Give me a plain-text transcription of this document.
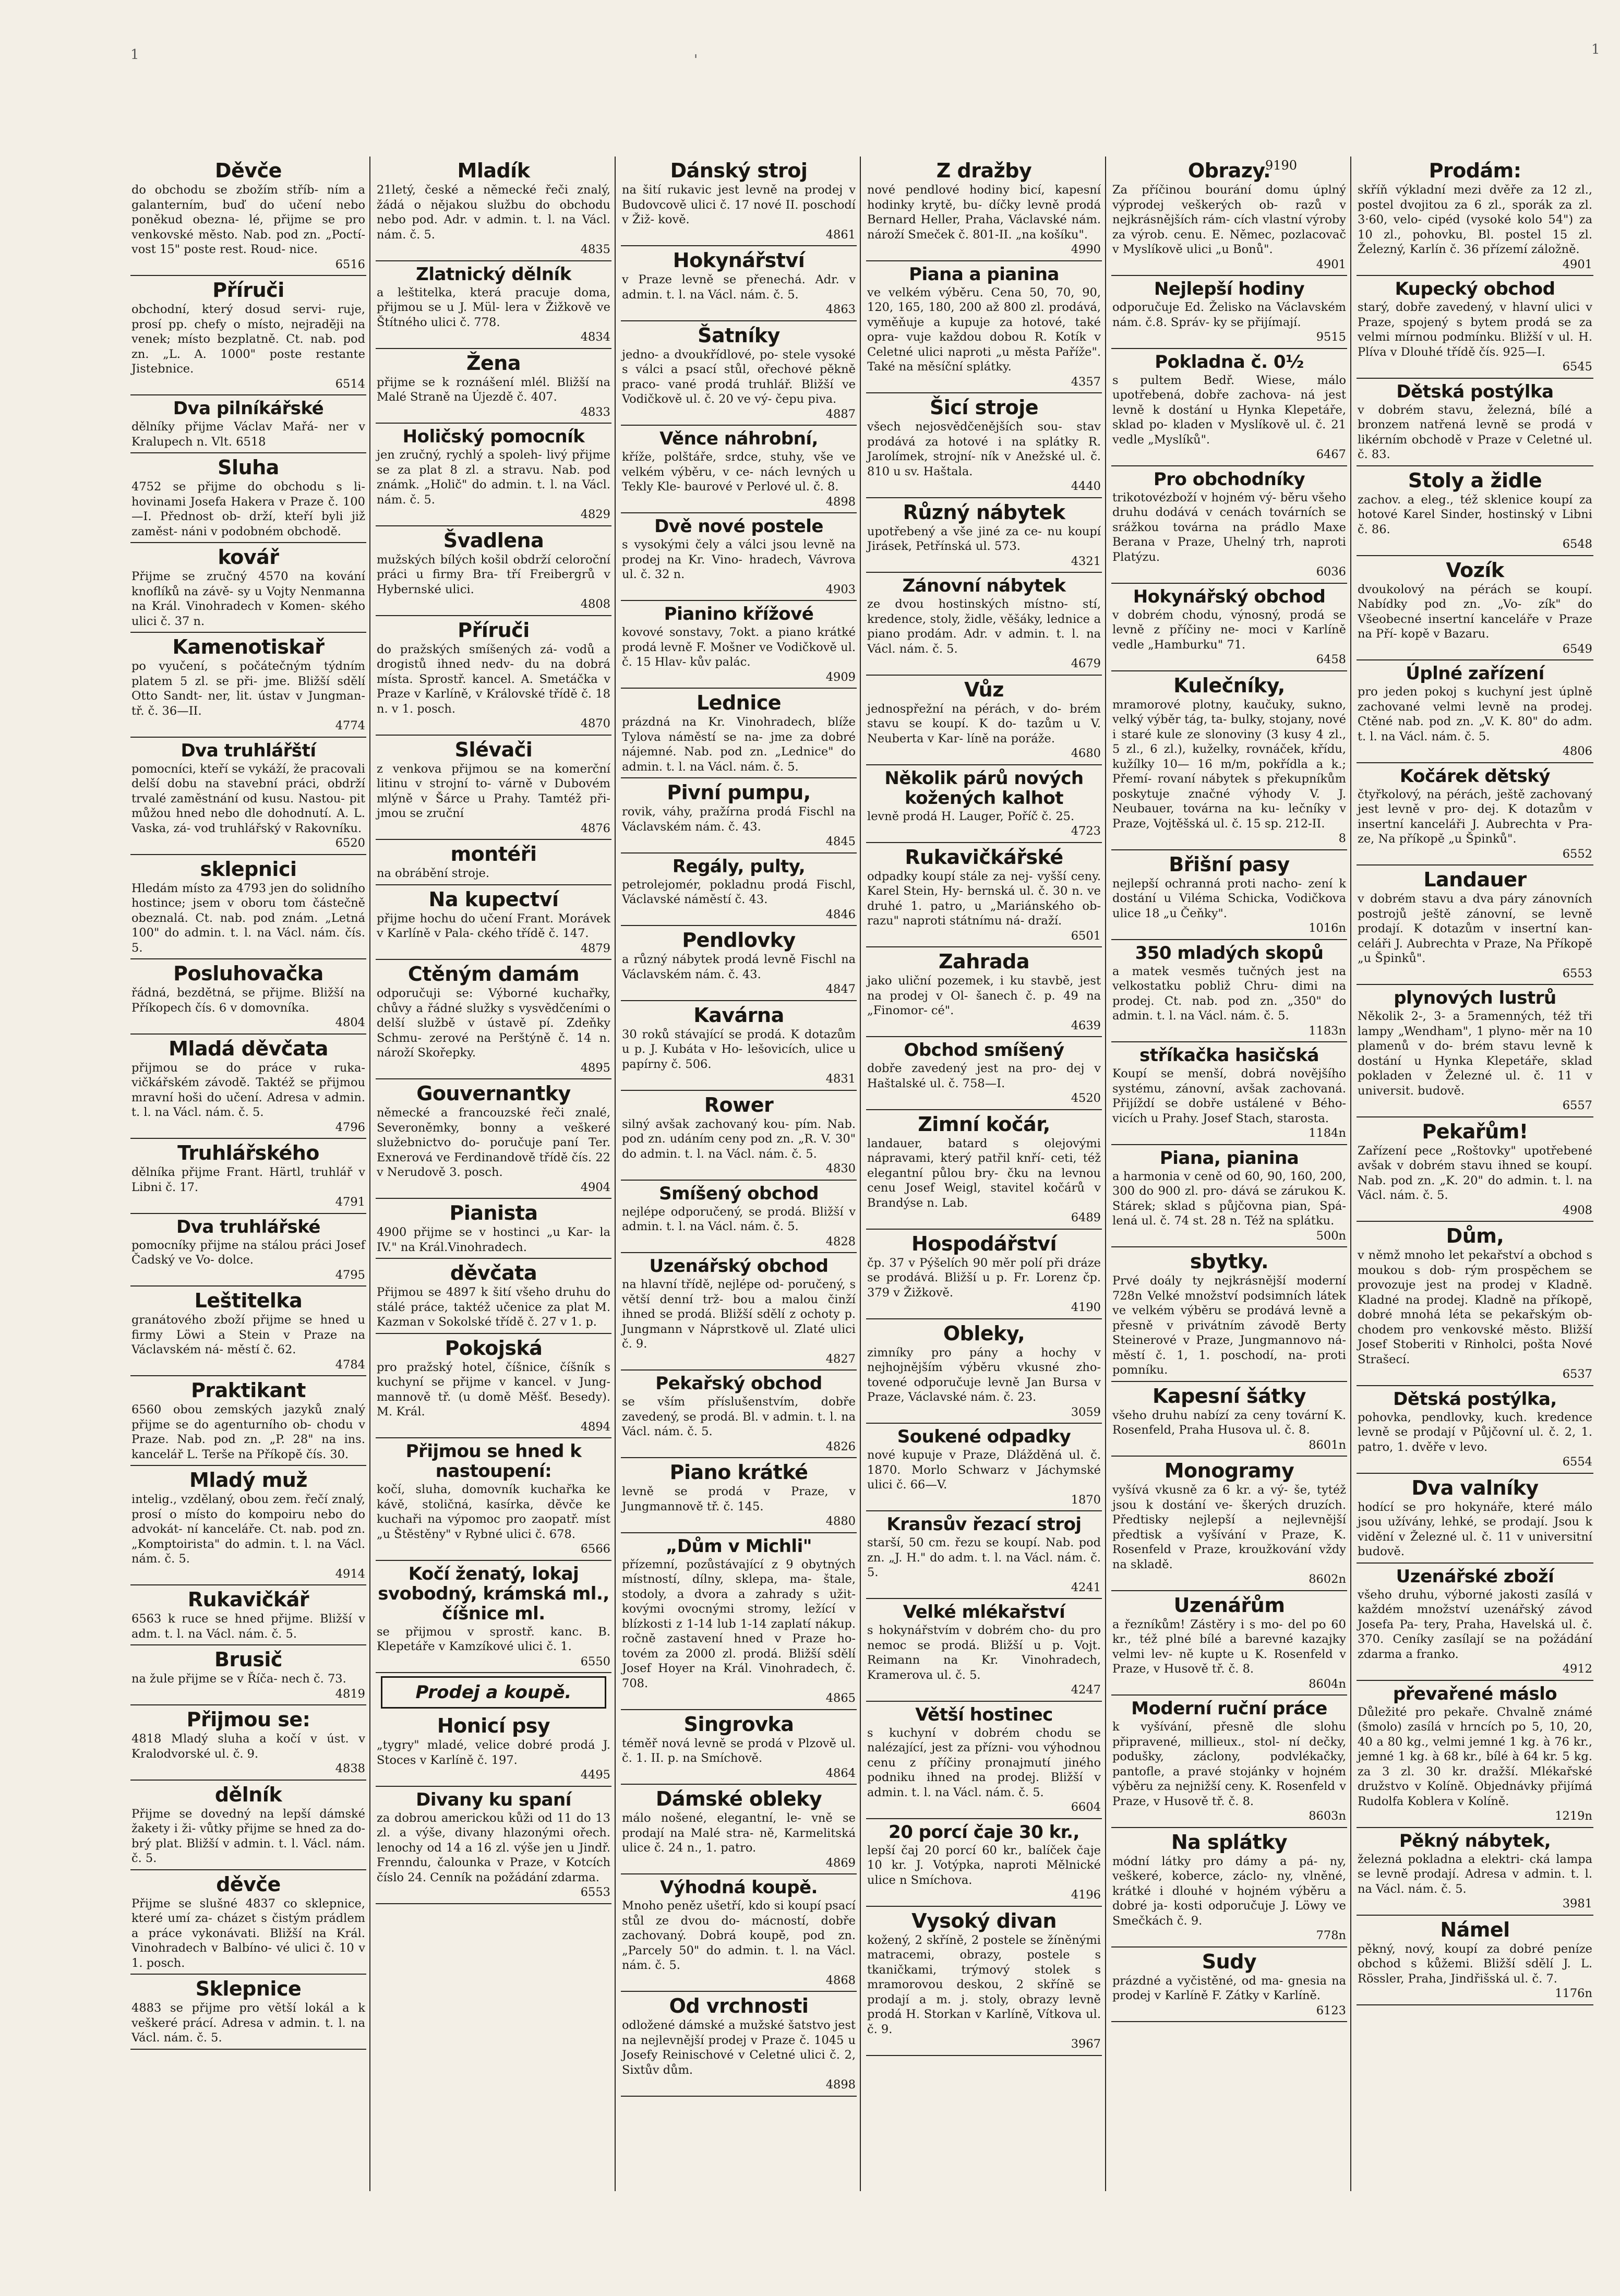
1	'
1
9190
Děvče

do obchodu se zbožím stříb- ním a galanterním, buď do učení nebo poněkud obezna- lé, přijme se pro venkovské město. Nab. pod zn. „Poctí- vost 15" poste rest. Roud- nice.

6516
Příruči

obchodní, který dosud servi- ruje, prosí pp. chefy o místo, nejraději na venek; místo bezplatně. Ct. nab. pod zn. „L. A. 1000" poste restante Jistebnice.

6514
Dva pilníkářské

dělníky přijme Václav Mařá- ner v Kralupech n. Vlt. 6518

Sluha

4752 se přijme do obchodu s li- hovinami Josefa Hakera v Praze č. 100—I. Přednost ob- drží, kteří byli již zaměst- náni v podobném obchodě.

kovář

Přijme se zručný 4570 na kování knoflíků na závě- sy u Vojty Nenmanna na Král. Vinohradech v Komen- ského ulici č. 37 n.

Kamenotiskař

po vyučení, s počátečným týdním platem 5 zl. se při- jme. Bližší sdělí Otto Sandt- ner, lit. ústav v Jungman- tř. č. 36—II.

4774
Dva truhlářští

pomocníci, kteří se vykáží, že pracovali delší dobu na stavební práci, obdrží trvalé zaměstnání od kusu. Nastou- pit můžou hned nebo dle dohodnutí. A. L. Vaska, zá- vod truhlářský v Rakovníku.

6520
sklepnici

Hledám místo za 4793 jen do solidního hostince; jsem v oboru tom částečně obeznalá. Ct. nab. pod znám. „Letná 100" do admin. t. l. na Václ. nám. čís. 5.

Posluhovačka

řádná, bezdětná, se přijme. Bližší na Příkopech čís. 6 v domovníka.

4804
Mladá děvčata

přijmou se do práce v ruka- vičkářském závodě. Taktéž se přijmou mravní hoši do učení. Adresa v admin. t. l. na Václ. nám. č. 5.

4796
Truhlářského

dělníka přijme Frant. Härtl, truhlář v Libni č. 17.

4791
Dva truhlářské

pomocníky přijme na stálou práci Josef Čadský ve Vo- dolce.

4795
Leštitelka

granátového zboží přijme se hned u firmy Löwi a Stein v Praze na Václavském ná- městí č. 62.

4784
Praktikant

6560 obou zemských jazyků znalý přijme se do agenturního ob- chodu v Praze. Nab. pod zn. „P. 28" na ins. kancelář L. Terše na Příkopě čís. 30.

Mladý muž

intelig., vzdělaný, obou zem. řečí znalý, prosí o místo do kompoiru nebo do advokát- ní kanceláře. Ct. nab. pod zn. „Komptoirista" do admin. t. l. na Václ. nám. č. 5.

4914
Rukavičkář

6563 k ruce se hned přijme. Bližší v adm. t. l. na Václ. nám. č. 5.

Brusič

na žule přijme se v Říča- nech č. 73.

4819
Přijmou se:

4818 Mladý sluha a kočí v úst. v Kralodvorské ul. č. 9.

4838
dělník

Přijme se dovedný na lepší dámské žakety i ži- vůtky přijme se hned za do- brý plat. Bližší v admin. t. l. Václ. nám. č. 5.

děvče

Přijme se slušné 4837 co sklepnice, které umí za- cházet s čistým prádlem a práce vykonávati. Bližší na Král. Vinohradech v Balbíno- vé ulici č. 10 v 1. posch.

Sklepnice

4883 se přijme pro větší lokál a k veškeré prácí. Adresa v admin. t. l. na Václ. nám. č. 5.

Mladík

21letý, české a německé řeči znalý, žádá o nějakou službu do obchodu nebo pod. Adr. v admin. t. l. na Václ. nám. č. 5.

4835
Zlatnický dělník

a leštitelka, která pracuje doma, přijmou se u J. Mül- lera v Žižkově ve Štítného ulici č. 778.

4834
Žena

přijme se k roznášení mlél. Bližší na Malé Straně na Újezdě č. 407.

4833
Holičský pomocník

jen zručný, rychlý a spoleh- livý přijme se za plat 8 zl. a stravu. Nab. pod známk. „Holič" do admin. t. l. na Václ. nám. č. 5.

4829
Švadlena

mužských bílých košil obdrží celoroční práci u firmy Bra- tří Freibergrů v Hybernské ulici.

4808
Příruči

do pražských smíšených zá- vodů a drogistů ihned nedv- du na dobrá místa. Sprostř. kancel. A. Smetáčka v Praze v Karlíně, v Královské třídě č. 18 n. v 1. posch.

4870
Slévači

z venkova přijmou se na komerční litinu v strojní to- várně v Dubovém mlýně v Šárce u Prahy. Tamtéž při- jmou se zruční

4876
montéři

na obrábění stroje.

Na kupectví

přijme hochu do učení Frant. Morávek v Karlíně v Pala- ckého třídě č. 147.

4879
Ctěným damám

odporučuji se: Výborné kuchařky, chůvy a řádné služky s vysvědčeními o delší službě v ústavě pí. Zdeňky Schmu- zerové na Perštýně č. 14 n. nároží Skořepky.

4895
Gouvernantky

německé a francouzské řeči znalé, Severoněmky, bonny a veškeré služebnictvo do- poručuje paní Ter. Exnerová ve Ferdinandově třídě čís. 22 v Nerudově 3. posch.

4904
Pianista

4900 přijme se v hostinci „u Kar- la IV." na Král.Vinohradech.

děvčata

Přijmou se 4897 k šití všeho druhu do stálé práce, taktéž učenice za plat M. Kazman v Sokolské třídě č. 27 v 1. p.

Pokojská

pro pražský hotel, číšnice, číšník s kuchyní se přijme v kancel. v Jung- mannově tř. (u domě Měšť. Besedy). M. Král.

4894
Přijmou se hned k nastoupení:

kočí, sluha, domovník kuchařka ke kávě, stoličná, kasírka, děvče ke kuchaři na výpomoc pro zaopatř. míst „u Štěstěny" v Rybné ulici č. 678.

6566
Kočí ženatý, lokaj svobodný, krámská ml., číšnice ml.

se přijmou v sprostř. kanc. B. Klepetáře v Kamzíkové ulici č. 1.

6550
Prodej a koupě.
Honicí psy

„tygry" mladé, velice dobré prodá J. Stoces v Karlíně č. 197.

4495
Divany ku spaní

za dobrou americkou kůži od 11 do 13 zl. a výše, divany hlazonými ořech. lenochy od 14 a 16 zl. výše jen u Jindř. Frenndu, čalounka v Praze, v Kotcích číslo 24. Cenník na požádání zdarma.

6553
Dánský stroj

na šití rukavic jest levně na prodej v Budovcově ulici č. 17 nové II. poschodí v Žiž- kově.

4861
Hokynářství

v Praze levně se přenechá. Adr. v admin. t. l. na Václ. nám. č. 5.

4863
Šatníky

jedno- a dvoukřídlové, po- stele vysoké s válci a psací stůl, ořechové pěkně praco- vané prodá truhlář. Bližší ve Vodičkově ul. č. 20 ve vý- čepu piva.

4887
Věnce náhrobní,

kříže, polštáře, srdce, stuhy, vše ve velkém výběru, v ce- nách levných u Tekly Kle- baurové v Perlové ul. č. 8.

4898
Dvě nové postele

s vysokými čely a válci jsou levně na prodej na Kr. Vino- hradech, Vávrova ul. č. 32 n.

4903
Pianino křížové

kovové sonstavy, 7okt. a piano krátké prodá levně F. Mošner ve Vodičkově ul. č. 15 Hlav- kův palác.

4909
Lednice

prázdná na Kr. Vinohradech, blíže Tylova náměstí se na- jme za dobré nájemné. Nab. pod zn. „Lednice" do admin. t. l. na Václ. nám. č. 5.

Pivní pumpu,

rovik, váhy, pražírna prodá Fischl na Václavském nám. č. 43.

4845
Regály, pulty,

petrolejomér, pokladnu prodá Fischl, Václavské náměstí č. 43.

4846
Pendlovky

a různý nábytek prodá levně Fischl na Václavském nám. č. 43.

4847
Kavárna

30 roků stávající se prodá. K dotazům u p. J. Kubáta v Ho- lešovicích, ulice u papírny č. 506.

4831
Rower

silný avšak zachovaný kou- pím. Nab. pod zn. udáním ceny pod zn. „R. V. 30" do admin. t. l. na Václ. nám. č. 5.

4830
Smíšený obchod

nejlépe odporučený, se prodá. Bližší v admin. t. l. na Václ. nám. č. 5.

4828
Uzenářský obchod

na hlavní třídě, nejlépe od- poručený, s větší denní trž- bou a malou činží ihned se prodá. Bližší sdělí z ochoty p. Jungmann v Náprstkově ul. Zlaté ulici č. 9.

4827
Pekařský obchod

se vším příslušenstvím, dobře zavedený, se prodá. Bl. v admin. t. l. na Václ. nám. č. 5.

4826
Piano krátké

levně se prodá v Praze, v Jungmannově tř. č. 145.

4880
„Dům v Michli"

přízemní, pozůstávající z 9 obytných místností, dílny, sklepa, ma- štale, stodoly, a dvora a zahrady s užit- kovými ovocnými stromy, ležící v blízkosti z 1-14 lub 1-14 zaplatí nákup. ročně zastavení hned v Praze ho- tovém za 2000 zl. prodá. Bližší sdělí Josef Hoyer na Král. Vinohradech, č. 708.

4865
Singrovka

téměř nová levně se prodá v Plzově ul. č. 1. II. p. na Smíchově.

4864
Dámské obleky

málo nošené, elegantní, le- vně se prodají na Malé stra- ně, Karmelitská ulice č. 24 n., 1. patro.

4869
Výhodná koupě.

Mnoho peněz ušetří, kdo si koupí psací stůl ze dvou do- mácností, dobře zachovaný. Dobrá koupě, pod zn. „Parcely 50" do admin. t. l. na Václ. nám. č. 5.

4868
Od vrchnosti

odložené dámské a mužské šatstvo jest na nejlevnější prodej v Praze č. 1045 u Josefy Reinischové v Celetné ulici č. 2, Sixtův dům.

4898
Z dražby

nové pendlové hodiny bicí, kapesní hodinky krytě, bu- díčky levně prodá Bernard Heller, Praha, Václavské nám. nároží Smeček č. 801-II. „na košíku".

4990
Piana a pianina

ve velkém výběru. Cena 50, 70, 90, 120, 165, 180, 200 až 800 zl. prodává, vyměňuje a kupuje za hotové, také opra- vuje každou dobou R. Kotík v Celetné ulici naproti „u města Paříže". Také na měsíční splátky.

4357
Šicí stroje

všech nejosvědčenějších sou- stav prodává za hotové i na splátky R. Jarolímek, strojní- ník v Anežské ul. č. 810 u sv. Haštala.

4440
Různý nábytek

upotřebený a vše jiné za ce- nu koupí Jirásek, Petřínská ul. 573.

4321
Zánovní nábytek

ze dvou hostinských místno- stí, kredence, stoly, židle, věšáky, lednice a piano prodám. Adr. v admin. t. l. na Václ. nám. č. 5.

4679
Vůz

jednospřežní na pérách, v do- brém stavu se koupí. K do- tazům u V. Neuberta v Kar- líně na poráže.

4680
Několik párů nových kožených kalhot

levně prodá H. Lauger, Poříč č. 25.

4723
Rukavičkářské

odpadky koupí stále za nej- vyšší ceny. Karel Stein, Hy- bernská ul. č. 30 n. ve druhé 1. patro, u „Mariánského ob- razu" naproti státnímu ná- draží.

6501
Zahrada

jako uliční pozemek, i ku stavbě, jest na prodej v Ol- šanech č. p. 49 na „Finomor- cé".

4639
Obchod smíšený

dobře zavedený jest na pro- dej v Haštalské ul. č. 758—I.

4520
Zimní kočár,

landauer, batard s olejovými nápravami, který patřil knří- ceti, též elegantní půlou bry- čku na levnou cenu Josef Weigl, stavitel kočárů v Brandýse n. Lab.

6489
Hospodářství

čp. 37 v Pýšelích 90 měr polí při dráze se prodává. Bližší u p. Fr. Lorenz čp. 379 v Žižkově.

4190
Obleky,

zimníky pro pány a hochy v nejhojnějším výběru vkusné zho- tovené odporučuje levně Jan Bursa v Praze, Václavské nám. č. 23.

3059
Soukené odpadky

nové kupuje v Praze, Dlážděná ul. č. 1870. Morlo Schwarz v Jáchymské ulici č. 66—V.

1870
Kransův řezací stroj

starší, 50 cm. řezu se koupí. Nab. pod zn. „J. H." do adm. t. l. na Václ. nám. č. 5.

4241
Velké mlékařství

s hokynářstvím v dobrém cho- du pro nemoc se prodá. Bližší u p. Vojt. Reimann na Kr. Vinohradech, Kramerova ul. č. 5.

4247
Větší hostinec

s kuchyní v dobrém chodu se nalézající, jest za přízni- vou výhodnou cenu z příčiny pronajmutí jiného podniku ihned na prodej. Bližší v admin. t. l. na Václ. nám. č. 5.

6604
20 porcí čaje 30 kr.,

lepší čaj 20 porcí 60 kr., balíček čaje 10 kr. J. Votýpka, naproti Mělnické ulice n Smíchova.

4196
Vysoký divan

kožený, 2 skříně, 2 postele se žíněnými matracemi, obrazy, postele s tkaničkami, trýmový stolek s mramorovou deskou, 2 skříně se prodají a m. j. stoly, obrazy levně prodá H. Storkan v Karlíně, Vítkova ul. č. 9.

3967
Obrazy.

Za příčinou bourání domu úplný výprodej veškerých ob- razů v nejkrásnějších rám- cích vlastní výroby za výrob. cenu. E. Němec, pozlacovač v Myslíkově ulici „u Bonů".

4901
Nejlepší hodiny

odporučuje Ed. Želisko na Václavském nám. č.8. Správ- ky se přijímají.

9515
Pokladna č. 0½

s pultem Bedř. Wiese, málo upotřebená, dobře zachova- ná jest levně k dostání u Hynka Klepetáře, sklad po- kladen v Myslíkově ul. č. 21 vedle „Myslíků".

6467
Pro obchodníky

trikotovézboží v hojném vý- běru všeho druhu dodává v cenách továrních se srážkou továrna na prádlo Maxe Berana v Praze, Uhelný trh, naproti Platýzu.

6036
Hokynářský obchod

v dobrém chodu, výnosný, prodá se levně z příčiny ne- moci v Karlíně vedle „Hamburku" 71.

6458
Kulečníky,

mramorové plotny, kaučuky, sukno, velký výběr tág, ta- bulky, stojany, nové i staré kule ze slonoviny (3 kusy 4 zl., 5 zl., 6 zl.), kuželky, rovnáček, křídu, kužílky 10— 16 m/m, pokřídla a k.; Přemí- rovaní nábytek s překupníkům poskytuje značné výhody V. J. Neubauer, továrna na ku- lečníky v Praze, Vojtěšská ul. č. 15 sp. 212-II.

8
Břišní pasy

nejlepší ochranná proti nacho- zení k dostání u Viléma Schicka, Vodičkova ulice 18 „u Čeňky".

1016n
350 mladých skopů

a matek vesměs tučných jest na velkostatku pobliž Chru- dimi na prodej. Ct. nab. pod zn. „350" do admin. t. l. na Václ. nám. č. 5.

1183n
stříkačka hasičská

Koupí se menší, dobrá novějšího systému, zánovní, avšak zachovaná. Přijíždí se dobře ustálené v Bého- vicích u Prahy. Josef Stach, starosta.

1184n
Piana, pianina

a harmonia v ceně od 60, 90, 160, 200, 300 do 900 zl. pro- dává se zárukou K. Stárek; sklad s půjčovna pian, Spá- lená ul. č. 74 st. 28 n. Též na splátku.

500n
sbytky.

Prvé doály ty nejkrásnější moderní 728n Velké množství podsimních látek ve velkém výběru se prodává levně a přesně v privátním závodě Berty Steinerové v Praze, Jungmannovo ná- městí č. 1, 1. poschodí, na- proti pomníku.

Kapesní šátky

všeho druhu nabízí za ceny tovární K. Rosenfeld, Praha Husova ul. č. 8.

8601n
Monogramy

vyšívá vkusně za 6 kr. a vý- še, tytéž jsou k dostání ve- škerých druzích. Předtisky nejlepší a nejlevnější předtisk a vyšívání v Praze, K. Rosenfeld v Praze, kroužkování vždy na skladě.

8602n
Uzenářům

a řezníkům! Zástěry i s mo- del po 60 kr., též plné bílé a barevné kazajky velmi lev- ně kupte u K. Rosenfeld v Praze, v Husově tř. č. 8.

8604n
Moderní ruční práce

k vyšívání, přesně dle slohu připravené, millieux., stol- ní dečky, podušky, záclony, podvlékačky, pantofle, a pravé stojánky v hojném výběru za nejnižší ceny. K. Rosenfeld v Praze, v Husově tř. č. 8.

8603n
Na splátky

módní látky pro dámy a pá- ny, veškeré, koberce, záclo- ny, vlněné, krátké i dlouhé v hojném výběru a dobré ja- kosti odporučuje J. Löwy ve Smečkách č. 9.

778n
Sudy

prázdné a vyčistěné, od ma- gnesia na prodej v Karlíně F. Zátky v Karlíně.

6123
Prodám:

skříň výkladní mezi dvěře za 12 zl., postel dvojitou za 6 zl., sporák za zl. 3·60, velo- cipéd (vysoké kolo 54") za 10 zl., pohovku, Bl. postel 15 zl. Železný, Karlín č. 36 přízemí záložně.

4901
Kupecký obchod

starý, dobře zavedený, v hlavní ulici v Praze, spojený s bytem prodá se za velmi mírnou podmínku. Bližší v ul. H. Plíva v Dlouhé třídě čís. 925—I.

6545
Dětská postýlka

v dobrém stavu, železná, bílé a bronzem natřená levně se prodá v likérním obchodě v Praze v Celetné ul. č. 83.

Stoly a židle

zachov. a eleg., též sklenice koupí za hotové Karel Sinder, hostinský v Libni č. 86.

6548
Vozík

dvoukolový na pérách se koupí. Nabídky pod zn. „Vo- zík" do Všeobecné insertní kanceláře v Praze na Pří- kopě v Bazaru.

6549
Úplné zařízení

pro jeden pokoj s kuchyní jest úplně zachované velmi levně na prodej. Ctěné nab. pod zn. „V. K. 80" do adm. t. l. na Václ. nám. č. 5.

4806
Kočárek dětský

čtyřkolový, na pérách, ještě zachovaný jest levně v pro- dej. K dotazům v insertní kanceláři J. Aubrechta v Pra- ze, Na příkopě „u Špinků".

6552
Landauer

v dobrém stavu a dva páry zánovních postrojů ještě zánovní, se levně prodají. K dotazům v insertní kan- celáři J. Aubrechta v Praze, Na Příkopě „u Špinků".

6553
plynových lustrů

Několik 2-, 3- a 5ramenných, též tři lampy „Wendham", 1 plyno- měr na 10 plamenů v do- brém stavu levně k dostání u Hynka Klepetáře, sklad pokladen v Železné ul. č. 11 v universit. budově.

6557
Pekařům!

Zařízení pece „Roštovky" upotřebené avšak v dobrém stavu ihned se koupí. Nab. pod zn. „K. 20" do admin. t. l. na Václ. nám. č. 5.

4908
Dům,

v němž mnoho let pekařství a obchod s moukou s dob- rým prospěchem se provozuje jest na prodej v Kladně. Kladné na prodej. Kladně na příkopě, dobré mnohá léta se pekařským ob- chodem pro venkovské město. Bližší Josef Stoberiti v Rinholci, pošta Nové Strašecí.

6537
Dětská postýlka,

pohovka, pendlovky, kuch. kredence levně se prodají v Půjčovní ul. č. 2, 1. patro, 1. dvěře v levo.

6554
Dva valníky

hodící se pro hokynáře, které málo jsou užívány, lehké, se prodají. Jsou k vidění v Železné ul. č. 11 v universitní budově.

Uzenářské zboží

všeho druhu, výborné jakosti zasílá v každém množství uzenářský závod Josefa Pa- tery, Praha, Havelská ul. č. 370. Ceníky zasílají se na požádání zdarma a franko.

4912
převařené máslo

Důležité pro pekaře. Chvalně známé (šmolo) zasílá v hrncích po 5, 10, 20, 40 a 80 kg., velmi jemné 1 kg. à 76 kr., jemné 1 kg. à 68 kr., bílé à 64 kr. 5 kg. za 3 zl. 30 kr. dražší. Mlékařské družstvo v Kolíně. Objednávky přijímá Rudolfa Koblera v Kolíně.

1219n
Pěkný nábytek,

železná pokladna a elektri- cká lampa se levně prodají. Adresa v admin. t. l. na Václ. nám. č. 5.

3981
Námel

pěkný, nový, koupí za dobré peníze obchod s kůžemi. Bližší sdělí J. L. Rössler, Praha, Jindřišská ul. č. 7.

1176n
